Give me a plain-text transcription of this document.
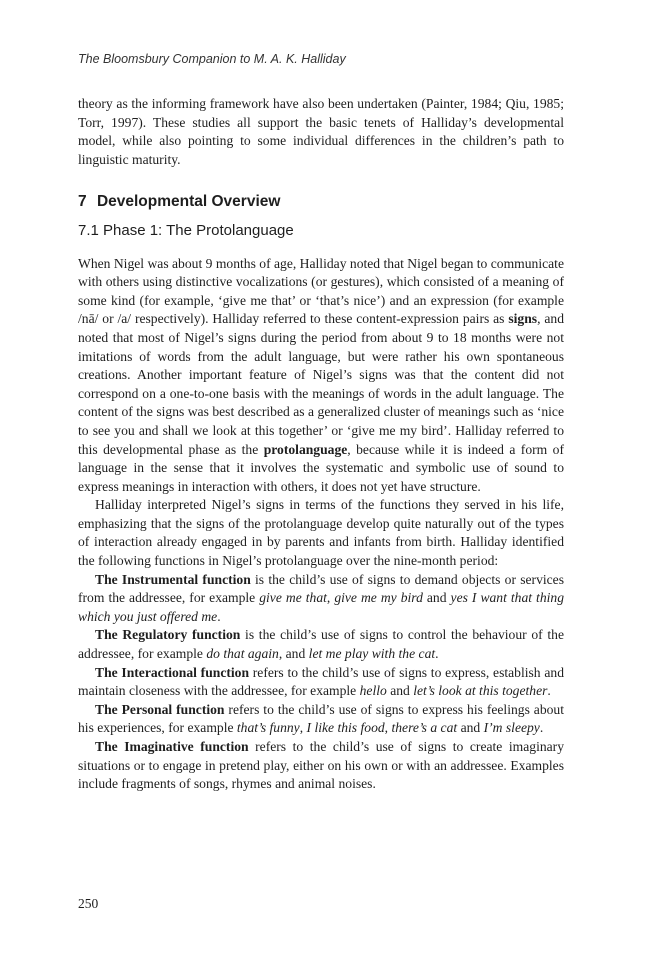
The Bloomsbury Companion to M. A. K. Halliday

theory as the informing framework have also been undertaken (Painter, 1984; Qiu, 1985; Torr, 1997). These studies all support the basic tenets of Halliday’s developmental model, while also pointing to some individual differences in the children’s path to linguistic maturity.

7 Developmental Overview
7.1 Phase 1: The Protolanguage

When Nigel was about 9 months of age, Halliday noted that Nigel began to communicate with others using distinctive vocalizations (or gestures), which consisted of a meaning of some kind (for example, ‘give me that’ or ‘that’s nice’) and an expression (for example /nā/ or /a/ respectively). Halliday referred to these content-expression pairs as signs, and noted that most of Nigel’s signs during the period from about 9 to 18 months were not imitations of words from the adult language, but were rather his own spontaneous creations. Another important feature of Nigel’s signs was that the content did not correspond on a one-to-one basis with the meanings of words in the adult language. The content of the signs was best described as a generalized cluster of meanings such as ‘nice to see you and shall we look at this together’ or ‘give me my bird’. Halliday referred to this developmental phase as the protolanguage, because while it is indeed a form of language in the sense that it involves the systematic and symbolic use of sound to express meanings in interaction with others, it does not yet have structure.

Halliday interpreted Nigel’s signs in terms of the functions they served in his life, emphasizing that the signs of the protolanguage develop quite naturally out of the types of interaction already engaged in by parents and infants from birth. Halliday identified the following functions in Nigel’s protolanguage over the nine-month period:

The Instrumental function is the child’s use of signs to demand objects or services from the addressee, for example give me that, give me my bird and yes I want that thing which you just offered me.

The Regulatory function is the child’s use of signs to control the behaviour of the addressee, for example do that again, and let me play with the cat.

The Interactional function refers to the child’s use of signs to express, establish and maintain closeness with the addressee, for example hello and let’s look at this together.

The Personal function refers to the child’s use of signs to express his feelings about his experiences, for example that’s funny, I like this food, there’s a cat and I’m sleepy.

The Imaginative function refers to the child’s use of signs to create imaginary situations or to engage in pretend play, either on his own or with an addressee. Examples include fragments of songs, rhymes and animal noises.

250
